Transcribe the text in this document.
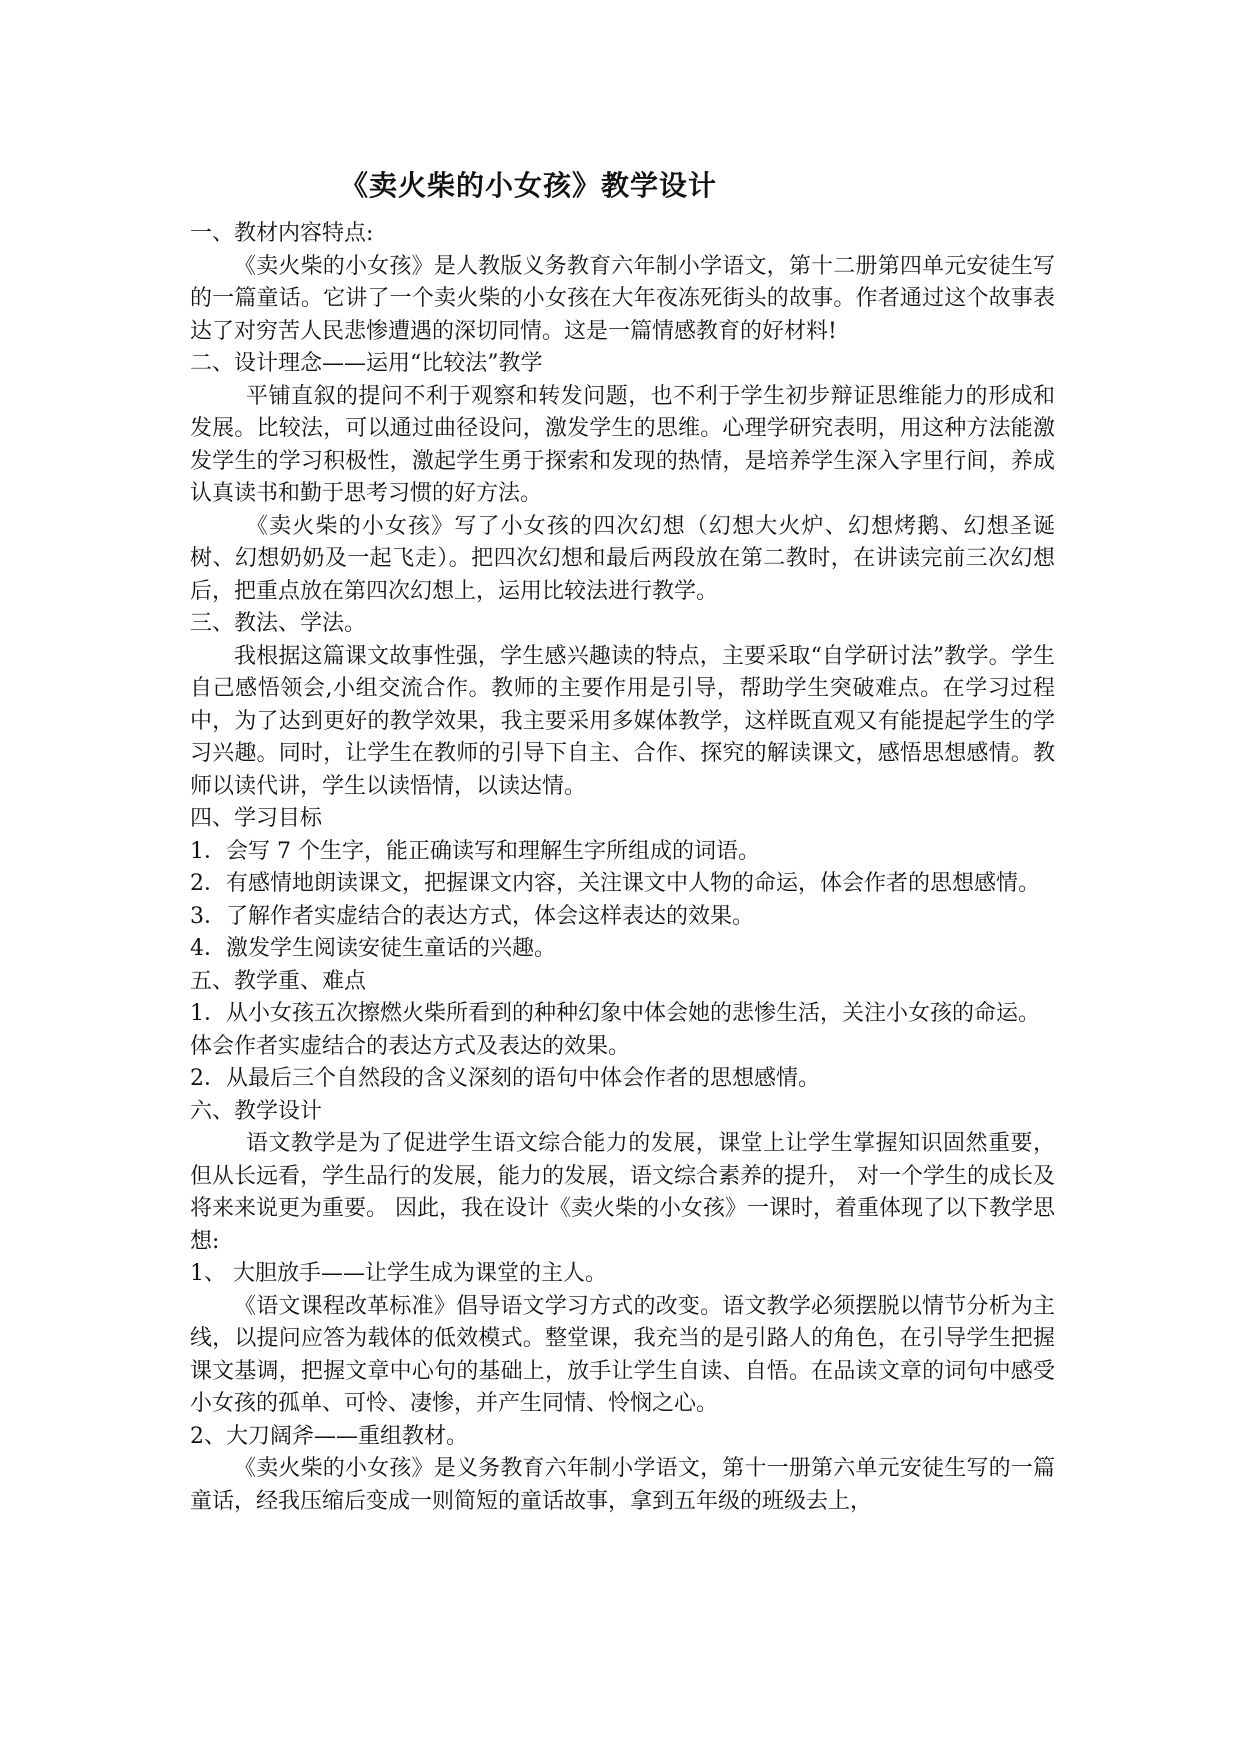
《卖火柴的小女孩》教学设计

一、教材内容特点:

《卖火柴的小女孩》是人教版义务教育六年制小学语文，第十二册第四单元安徒生写的一篇童话。它讲了一个卖火柴的小女孩在大年夜冻死街头的故事。作者通过这个故事表达了对穷苦人民悲惨遭遇的深切同情。这是一篇情感教育的好材料!

二、设计理念——运用“比较法”教学

平铺直叙的提问不利于观察和转发问题，也不利于学生初步辩证思维能力的形成和发展。比较法，可以通过曲径设问，激发学生的思维。心理学研究表明，用这种方法能激发学生的学习积极性，激起学生勇于探索和发现的热情，是培养学生深入字里行间，养成认真读书和勤于思考习惯的好方法。

《卖火柴的小女孩》写了小女孩的四次幻想（幻想大火炉、幻想烤鹅、幻想圣诞树、幻想奶奶及一起飞走）。把四次幻想和最后两段放在第二教时，在讲读完前三次幻想后，把重点放在第四次幻想上，运用比较法进行教学。

三、教法、学法。

我根据这篇课文故事性强，学生感兴趣读的特点，主要采取“自学研讨法”教学。学生自己感悟领会,小组交流合作。教师的主要作用是引导，帮助学生突破难点。在学习过程中，为了达到更好的教学效果，我主要采用多媒体教学，这样既直观又有能提起学生的学习兴趣。同时，让学生在教师的引导下自主、合作、探究的解读课文，感悟思想感情。教师以读代讲，学生以读悟情，以读达情。

四、学习目标

1．会写 7 个生字，能正确读写和理解生字所组成的词语。

2．有感情地朗读课文，把握课文内容，关注课文中人物的命运，体会作者的思想感情。

3．了解作者实虚结合的表达方式，体会这样表达的效果。

4．激发学生阅读安徒生童话的兴趣。

五、教学重、难点

1．从小女孩五次擦燃火柴所看到的种种幻象中体会她的悲惨生活，关注小女孩的命运。体会作者实虚结合的表达方式及表达的效果。

2．从最后三个自然段的含义深刻的语句中体会作者的思想感情。

六、教学设计

语文教学是为了促进学生语文综合能力的发展，课堂上让学生掌握知识固然重要，但从长远看，学生品行的发展，能力的发展，语文综合素养的提升， 对一个学生的成长及将来来说更为重要。 因此，我在设计《卖火柴的小女孩》一课时，着重体现了以下教学思想:

1、 大胆放手——让学生成为课堂的主人。

《语文课程改革标准》倡导语文学习方式的改变。语文教学必须摆脱以情节分析为主线，以提问应答为载体的低效模式。整堂课，我充当的是引路人的角色，在引导学生把握课文基调，把握文章中心句的基础上，放手让学生自读、自悟。在品读文章的词句中感受小女孩的孤单、可怜、凄惨，并产生同情、怜悯之心。

2、大刀阔斧——重组教材。

《卖火柴的小女孩》是义务教育六年制小学语文，第十一册第六单元安徒生写的一篇童话，经我压缩后变成一则简短的童话故事，拿到五年级的班级去上，
